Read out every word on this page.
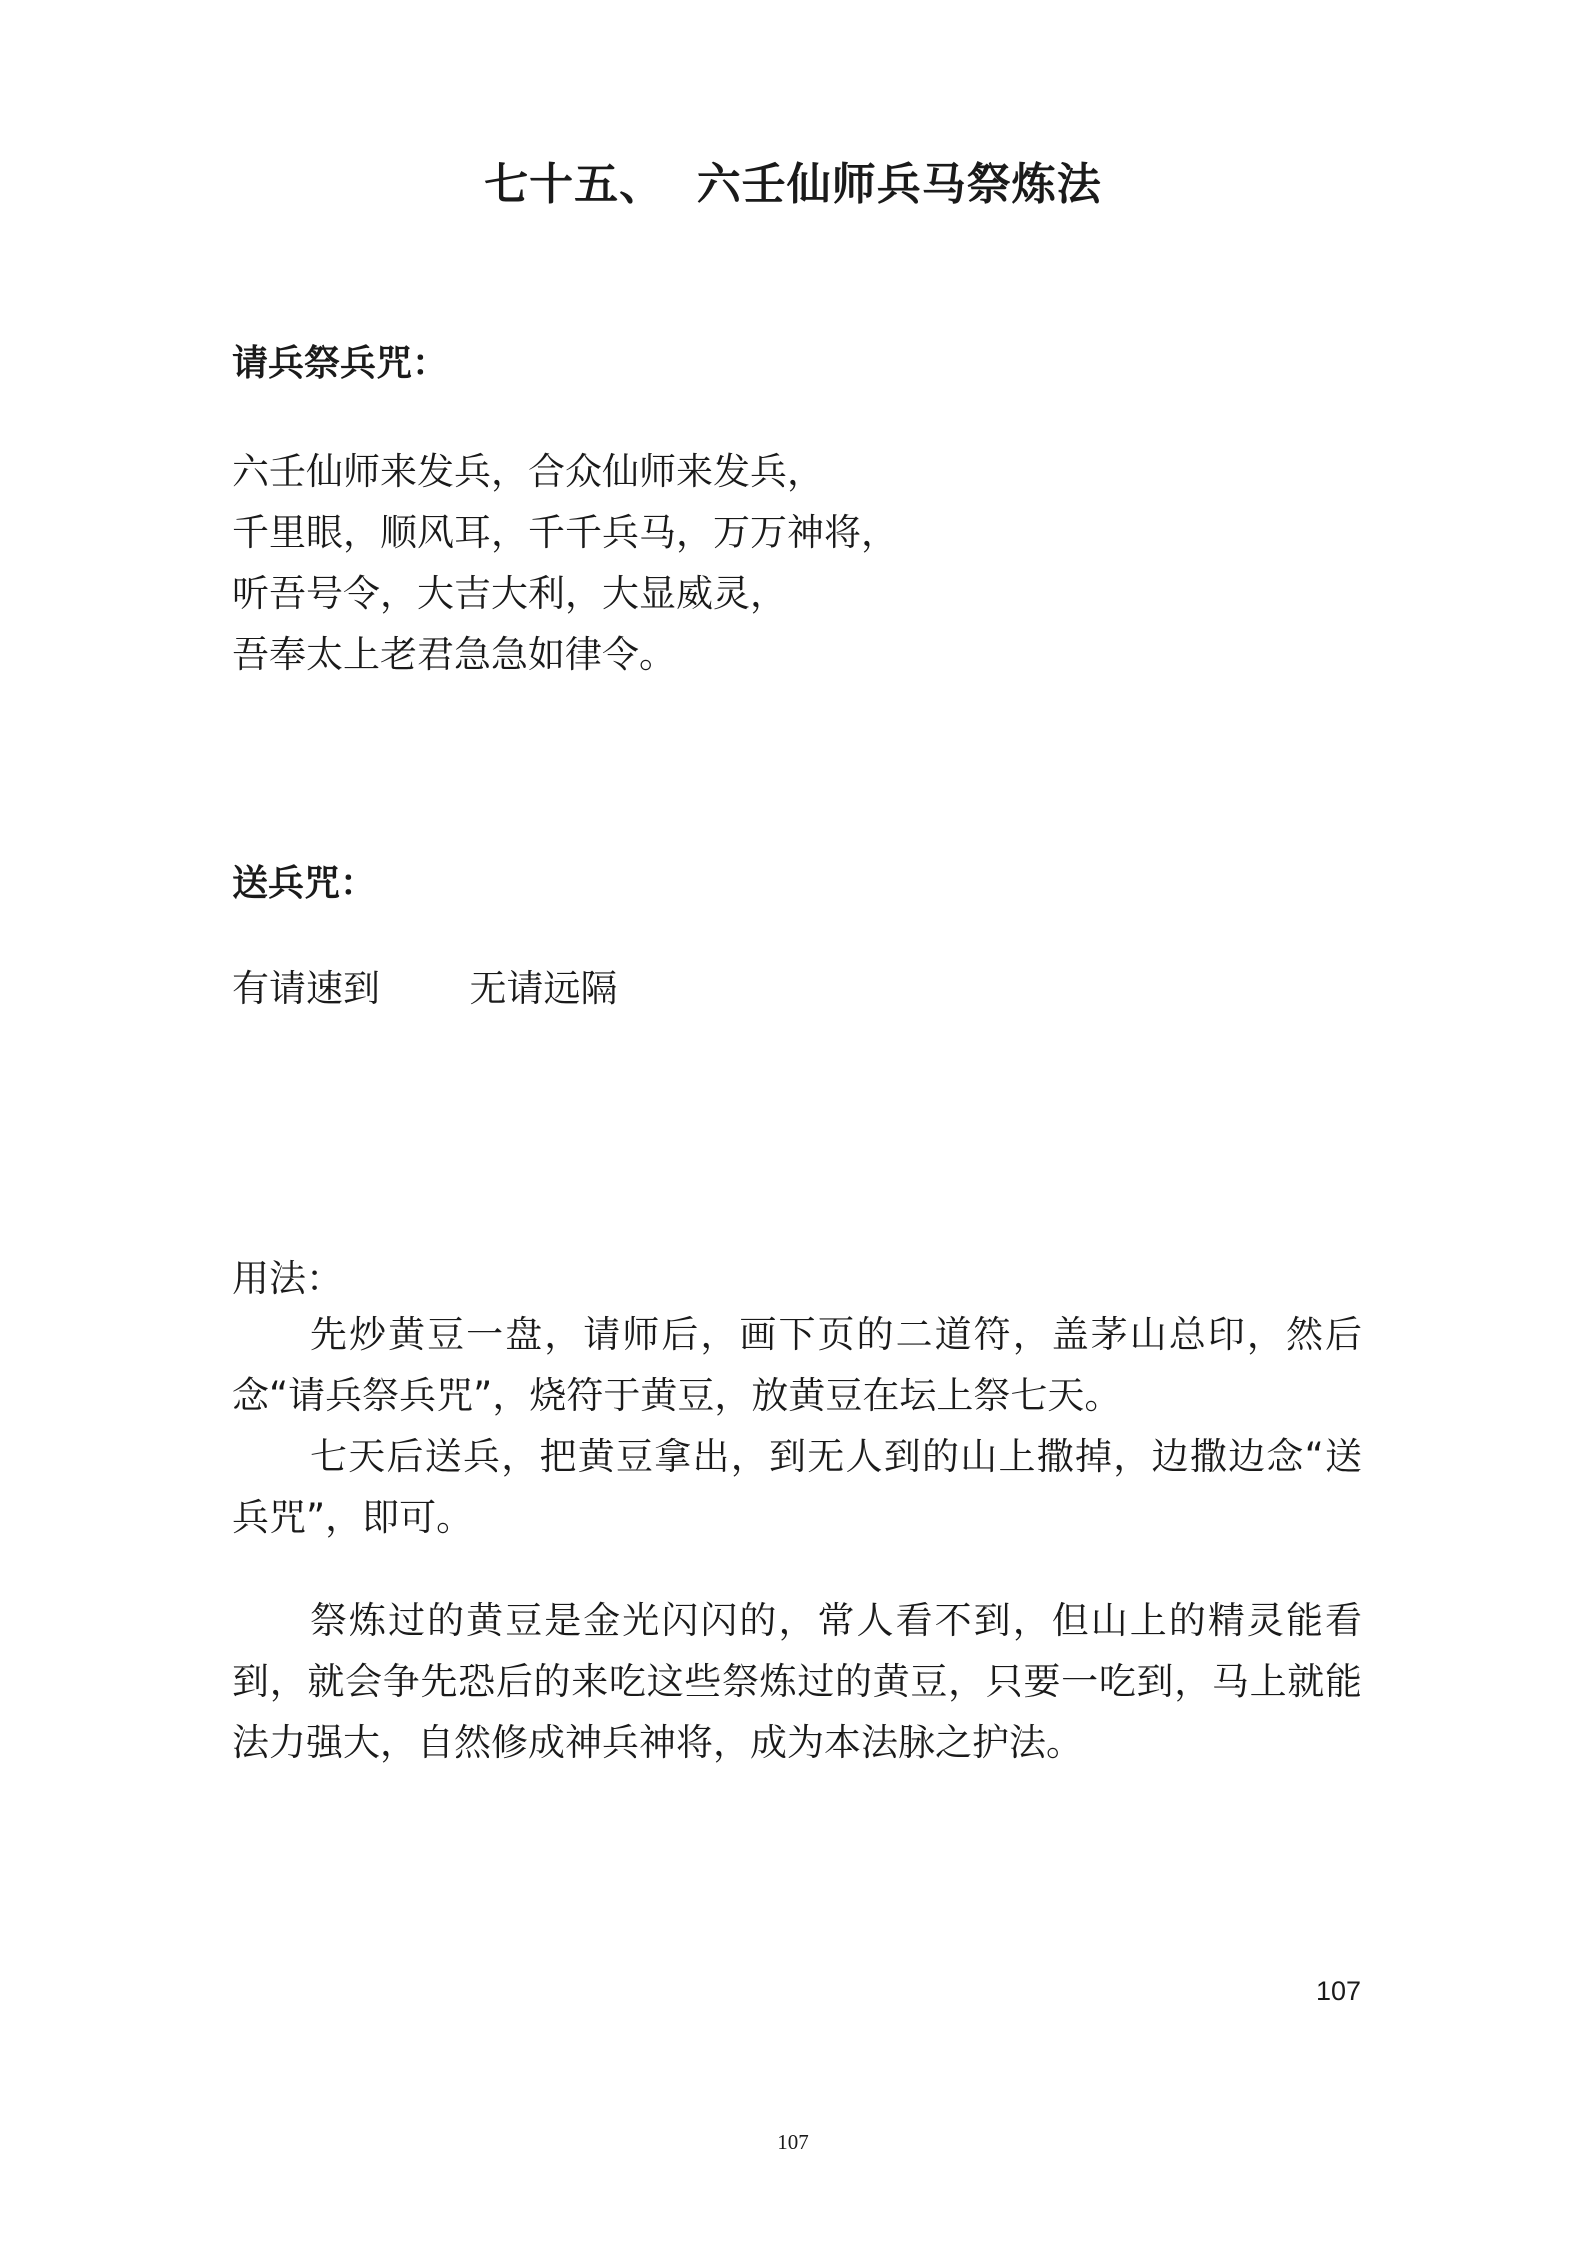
七十五、  六壬仙师兵马祭炼法
请兵祭兵咒：
六壬仙师来发兵，合众仙师来发兵，
千里眼，顺风耳，千千兵马，万万神将，
听吾号令，大吉大利，大显威灵，
吾奉太上老君急急如律令。
送兵咒：
有请速到 无请远隔
用法：

先炒黄豆一盘，请师后，画下页的二道符，盖茅山总印，然后念“请兵祭兵咒”，烧符于黄豆，放黄豆在坛上祭七天。

七天后送兵，把黄豆拿出，到无人到的山上撒掉，边撒边念“送兵咒”，即可。

祭炼过的黄豆是金光闪闪的，常人看不到，但山上的精灵能看到，就会争先恐后的来吃这些祭炼过的黄豆，只要一吃到，马上就能法力强大，自然修成神兵神将，成为本法脉之护法。

107
107
